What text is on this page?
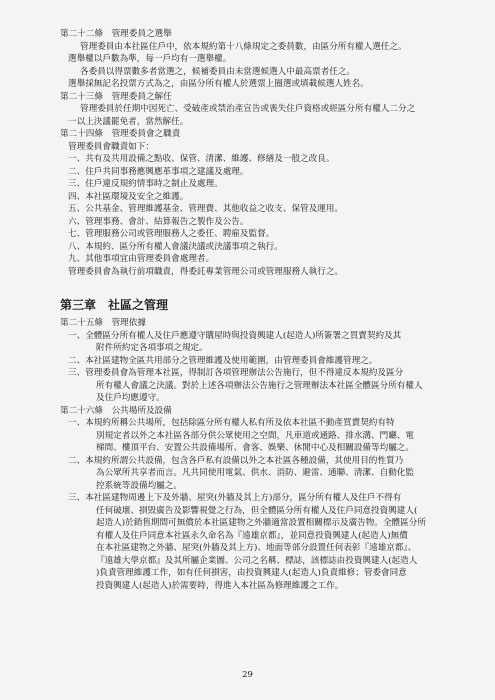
第二十二條　管理委員之選舉
管理委員由本社區住戶中，依本規約第十八條規定之委員數，由區分所有權人選任之。
選舉權以戶數為準，每一戶均有一選舉權。
各委員以得票數多者當選之，候補委員由未當選候選人中最高票者任之。
選舉採無記名投票方式為之，由區分所有權人於選票上圈選或填載候選人姓名。
第二十三條　管理委員之解任
管理委員於任期中因死亡、受破產或禁治產宣告或喪失住戶資格或經區分所有權人二分之
一以上決議罷免者，當然解任。
第二十四條　管理委員會之職責
管理委員會職責如下：
一、共有及共用設備之點收、保管、清潔、維護、修繕及一般之改良。
二、住戶共同事務應興應革事項之建議及處理。
三、住戶違反規約情事時之制止及處理。
四、本社區環境及安全之維護。
五、公共基金、管理維護基金、管理費、其他收益之收支、保管及運用。
六、管理事務、會計、結算報告之製作及公告。
七、管理服務公司或管理服務人之委任、聘雇及監督。
八、本規約、區分所有權人會議決議或決議事項之執行。
九、其他事項宜由管理委員會處理者。
管理委員會為執行前項職責，得委託專業管理公司或管理服務人執行之。
第三章　社區之管理
第二十五條　管理依據
一、全體區分所有權人及住戶應遵守購屋時與投資興建人(起造人)所簽署之買賣契約及其
附件所約定各項事項之規定。
二、本社區建物全區共用部分之管理維護及使用範圍，由管理委員會維護管理之。
三、管理委員會為管理本社區，得制訂各項管理辦法公告施行，但不得違反本規約及區分
所有權人會議之決議。對於上述各項辦法公告施行之管理辦法本社區全體區分所有權人
及住戶均應遵守。
第二十六條　公共場所及設備
一、本規約所稱公共場所，包括除區分所有權人私有所及依本社區不動產買賣契約有特
別規定者以外之本社區各部分供公眾使用之空間，凡車道或通路、排水溝、門廳、電
梯間、樓頂平台、安置公共設備場所、會客、娛樂、休閒中心及相關設備等均屬之。
二、本規約所謂公共設備，包含各戶私有設備以外之本社區各種設備，其使用目的性質乃
為公眾所共享者而言。凡共同使用電氣、供水、消防、避雷、通聯、清潔、自動化監
控系統等設備均屬之。
三、本社區建物周邊上下及外牆、屋突(外牆及其上方)部分，區分所有權人及住戶不得有
任何破壞、損毀廣告及影響視覺之行為，但全體區分所有權人及住戶同意投資興建人(
起造人)於銷售期間可無償於本社區建物之外牆適當設置相關標示及廣告物。全體區分所
有權人及住戶同意本社區永久命名為『遠雄京都』，並同意投資興建人(起造人)無償
在本社區建物之外牆、屋突(外牆及其上方)、地面等部分設置任何表彰『遠雄京都』、
『遠雄大學京都』及其所屬企業圖、公司之名稱、標誌，該標誌由投資興建人(起造人
)負責管理維護工作，如有任何損害，由投資興建人(起造人)負責維修；管委會同意
投資興建人(起造人)於需要時，得進入本社區為修理維護之工作。
29
